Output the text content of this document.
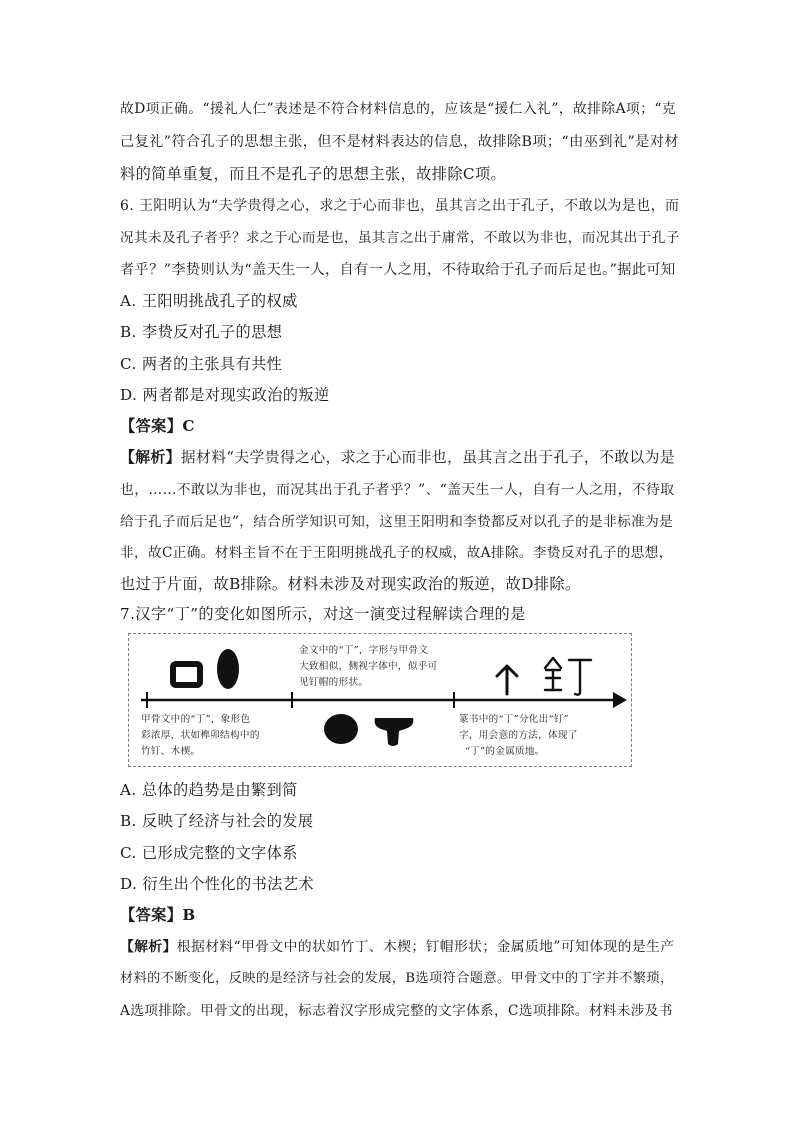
故D项正确。“援礼人仁”表述是不符合材料信息的，应该是“援仁入礼”，故排除A项；“克
己复礼”符合孔子的思想主张，但不是材料表达的信息，故排除B项；“由巫到礼”是对材
料的简单重复，而且不是孔子的思想主张，故排除C项。
6. 王阳明认为“夫学贵得之心，求之于心而非也，虽其言之出于孔子，不敢以为是也，而
况其未及孔子者乎？求之于心而是也，虽其言之出于庸常，不敢以为非也，而况其出于孔子
者乎？”李贽则认为“盖天生一人，自有一人之用，不待取给于孔子而后足也。”据此可知
A. 王阳明挑战孔子的权威
B. 李贽反对孔子的思想
C. 两者的主张具有共性
D. 两者都是对现实政治的叛逆
【答案】C
【解析】据材料“夫学贵得之心，求之于心而非也，虽其言之出于孔子，不敢以为是
也，……不敢以为非也，而况其出于孔子者乎？”、“盖天生一人，自有一人之用，不待取
给于孔子而后足也”，结合所学知识可知，这里王阳明和李贽都反对以孔子的是非标准为是
非，故C正确。材料主旨不在于王阳明挑战孔子的权威，故A排除。李贽反对孔子的思想，
也过于片面，故B排除。材料未涉及对现实政治的叛逆，故D排除。
7.汉字“丁”的变化如图所示，对这一演变过程解读合理的是
金文中的“丁”，字形与甲骨文
大致相似，侧视字体中，似乎可
见钉帽的形状。
甲骨文中的“丁”，象形色
彩浓厚，状如榫卯结构中的
竹钉、木楔。
篆书中的“丁”分化出“钉”
字，用会意的方法，体现了
“丁”的金属质地。
A. 总体的趋势是由繁到简
B. 反映了经济与社会的发展
C. 已形成完整的文字体系
D. 衍生出个性化的书法艺术
【答案】B
【解析】根据材料“甲骨文中的状如竹丁、木楔；钉帽形状；金属质地”可知体现的是生产
材料的不断变化，反映的是经济与社会的发展，B选项符合题意。甲骨文中的丁字并不繁琐，
A选项排除。甲骨文的出现，标志着汉字形成完整的文字体系，C选项排除。材料未涉及书
